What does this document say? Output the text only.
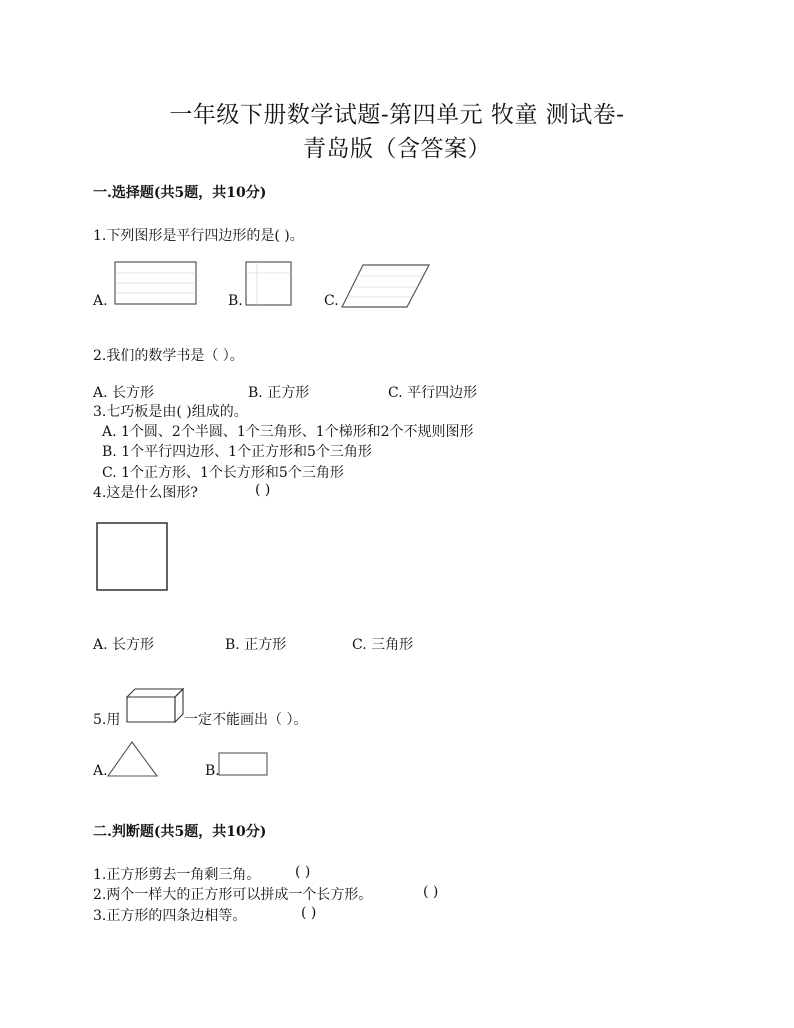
一年级下册数学试题-第四单元 牧童 测试卷-
青岛版（含答案）
一.选择题(共5题，共10分)
1.下列图形是平行四边形的是( )。
A.	B.	C.
2.我们的数学书是（ ）。
A. 长方形	B. 正方形	C. 平行四边形
3.七巧板是由( )组成的。
A. 1个圆、2个半圆、1个三角形、1个梯形和2个不规则图形
B. 1个平行四边形、1个正方形和5个三角形
C. 1个正方形、1个长方形和5个三角形
4.这是什么图形?	( )
A. 长方形	B. 正方形	C. 三角形
5.用	一定不能画出（ ）。
A.	B.
二.判断题(共5题，共10分)
1.正方形剪去一角剩三角。 ( )
2.两个一样大的正方形可以拼成一个长方形。	( )
3.正方形的四条边相等。	( )
